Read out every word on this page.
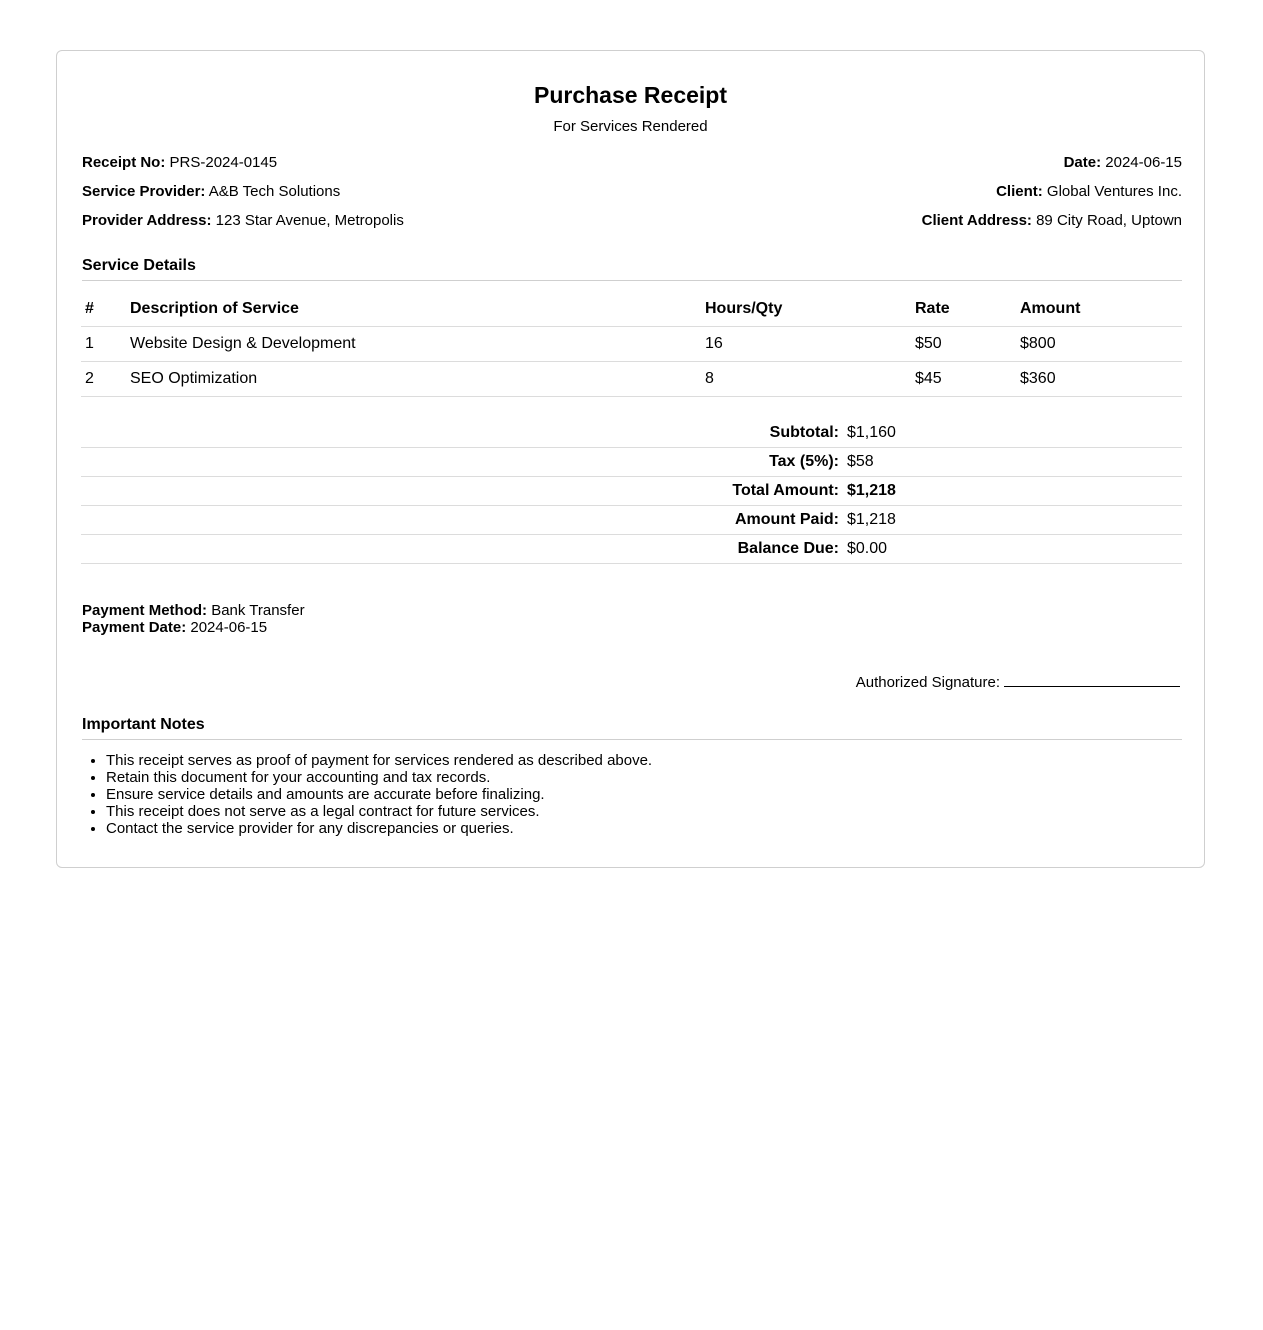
Purchase Receipt
For Services Rendered
Receipt No: PRS-2024-0145	Date: 2024-06-15
Service Provider: A&B Tech Solutions	Client: Global Ventures Inc.
Provider Address: 123 Star Avenue, Metropolis	Client Address: 89 City Road, Uptown
Service Details
#	Description of Service	Hours/Qty	Rate	Amount
1	Website Design & Development	16	$50	$800
2	SEO Optimization	8	$45	$360
Subtotal:	$1,160
Tax (5%):	$58
Total Amount:	$1,218
Amount Paid:	$1,218
Balance Due:	$0.00
Payment Method: Bank Transfer
Payment Date: 2024-06-15
Authorized Signature:
Important Notes
• This receipt serves as proof of payment for services rendered as described above.
• Retain this document for your accounting and tax records.
• Ensure service details and amounts are accurate before finalizing.
• This receipt does not serve as a legal contract for future services.
• Contact the service provider for any discrepancies or queries.
